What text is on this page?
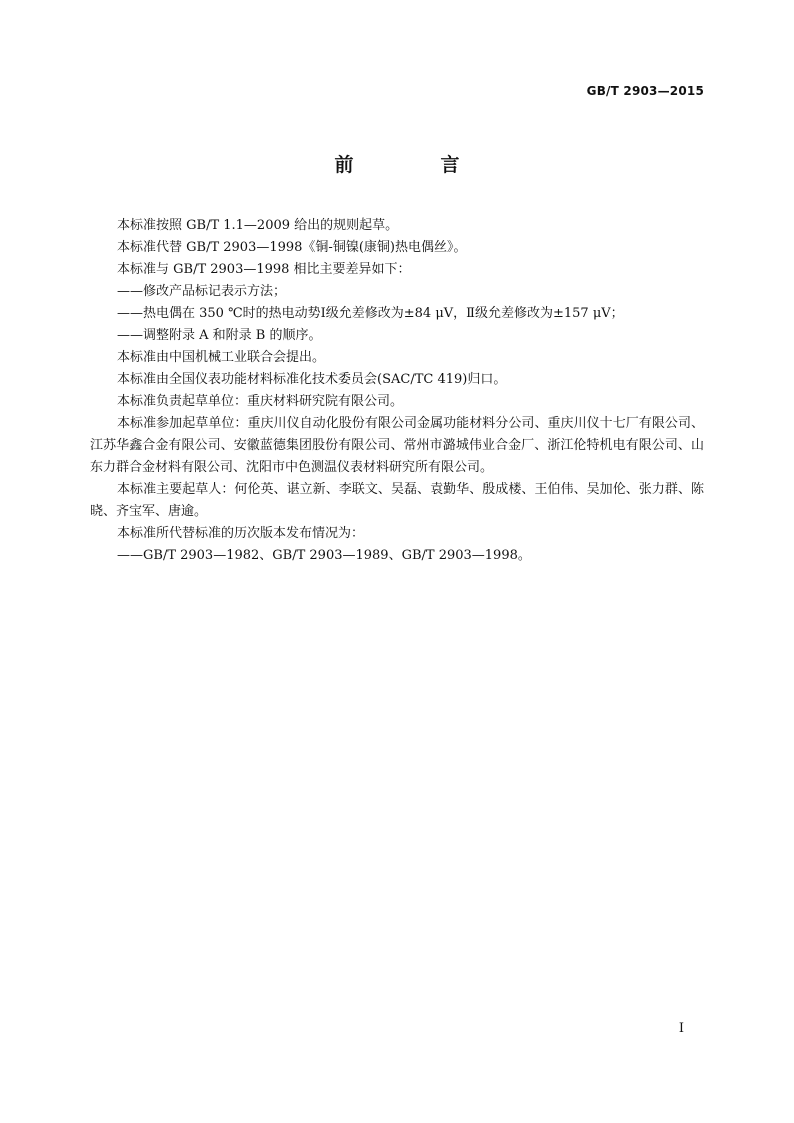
GB/T 2903—2015
前　言

本标准按照 GB/T 1.1—2009 给出的规则起草。

本标准代替 GB/T 2903—1998《铜-铜镍(康铜)热电偶丝》。

本标准与 GB/T 2903—1998 相比主要差异如下：

——修改产品标记表示方法；

——热电偶在 350 ℃时的热电动势Ⅰ级允差修改为±84 μV，Ⅱ级允差修改为±157 μV；

——调整附录 A 和附录 B 的顺序。

本标准由中国机械工业联合会提出。

本标准由全国仪表功能材料标准化技术委员会(SAC/TC 419)归口。

本标准负责起草单位：重庆材料研究院有限公司。

本标准参加起草单位：重庆川仪自动化股份有限公司金属功能材料分公司、重庆川仪十七厂有限公司、江苏华鑫合金有限公司、安徽蓝德集团股份有限公司、常州市潞城伟业合金厂、浙江伦特机电有限公司、山东力群合金材料有限公司、沈阳市中色测温仪表材料研究所有限公司。

本标准主要起草人：何伦英、谌立新、李联文、吴磊、袁勤华、殷成楼、王伯伟、吴加伦、张力群、陈晓、齐宝军、唐逾。

本标准所代替标准的历次版本发布情况为：

——GB/T 2903—1982、GB/T 2903—1989、GB/T 2903—1998。

Ⅰ
